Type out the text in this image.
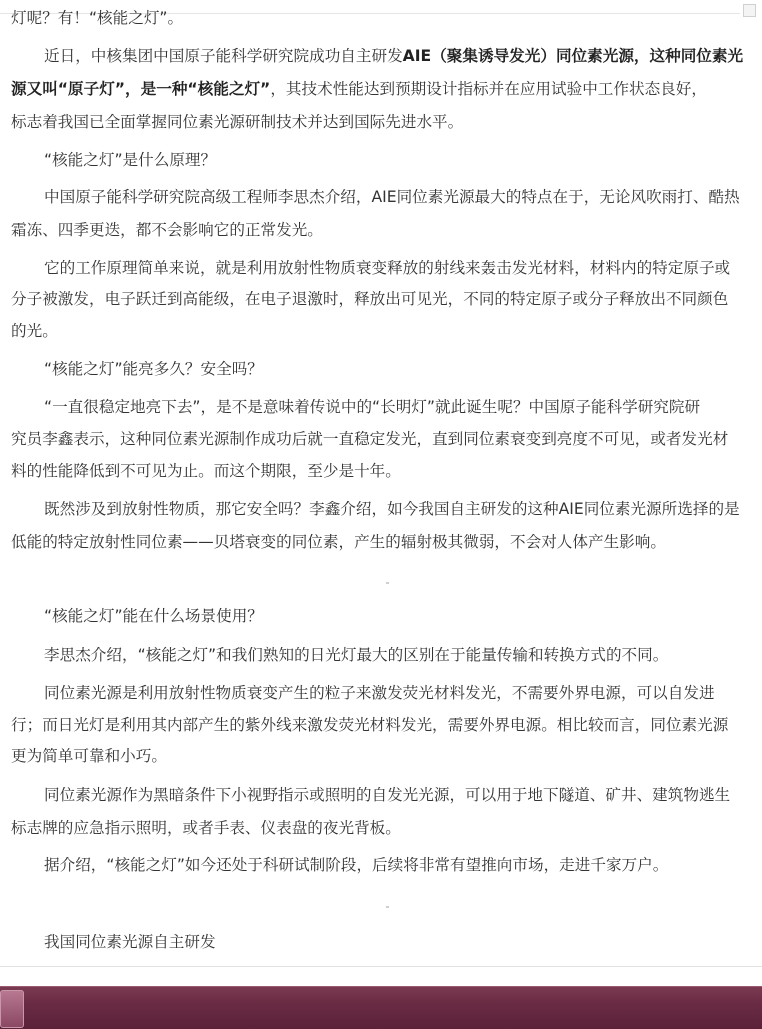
灯呢？有！“核能之灯”。
近日，中核集团中国原子能科学研究院成功自主研发AIE（聚集诱导发光）同位素光源，这种同位素光
源又叫“原子灯”，是一种“核能之灯”，其技术性能达到预期设计指标并在应用试验中工作状态良好，
标志着我国已全面掌握同位素光源研制技术并达到国际先进水平。
“核能之灯”是什么原理？
中国原子能科学研究院高级工程师李思杰介绍，AIE同位素光源最大的特点在于，无论风吹雨打、酷热
霜冻、四季更迭，都不会影响它的正常发光。
它的工作原理简单来说，就是利用放射性物质衰变释放的射线来轰击发光材料，材料内的特定原子或
分子被激发，电子跃迁到高能级，在电子退激时，释放出可见光，不同的特定原子或分子释放出不同颜色
的光。
“核能之灯”能亮多久？安全吗？
“一直很稳定地亮下去”，是不是意味着传说中的“长明灯”就此诞生呢？中国原子能科学研究院研
究员李鑫表示，这种同位素光源制作成功后就一直稳定发光，直到同位素衰变到亮度不可见，或者发光材
料的性能降低到不可见为止。而这个期限，至少是十年。
既然涉及到放射性物质，那它安全吗？李鑫介绍，如今我国自主研发的这种AIE同位素光源所选择的是
低能的特定放射性同位素——贝塔衰变的同位素，产生的辐射极其微弱，不会对人体产生影响。
“核能之灯”能在什么场景使用？
李思杰介绍，“核能之灯”和我们熟知的日光灯最大的区别在于能量传输和转换方式的不同。
同位素光源是利用放射性物质衰变产生的粒子来激发荧光材料发光，不需要外界电源，可以自发进
行；而日光灯是利用其内部产生的紫外线来激发荧光材料发光，需要外界电源。相比较而言，同位素光源
更为简单可靠和小巧。
同位素光源作为黑暗条件下小视野指示或照明的自发光光源，可以用于地下隧道、矿井、建筑物逃生
标志牌的应急指示照明，或者手表、仪表盘的夜光背板。
据介绍，“核能之灯”如今还处于科研试制阶段，后续将非常有望推向市场，走进千家万户。
我国同位素光源自主研发
